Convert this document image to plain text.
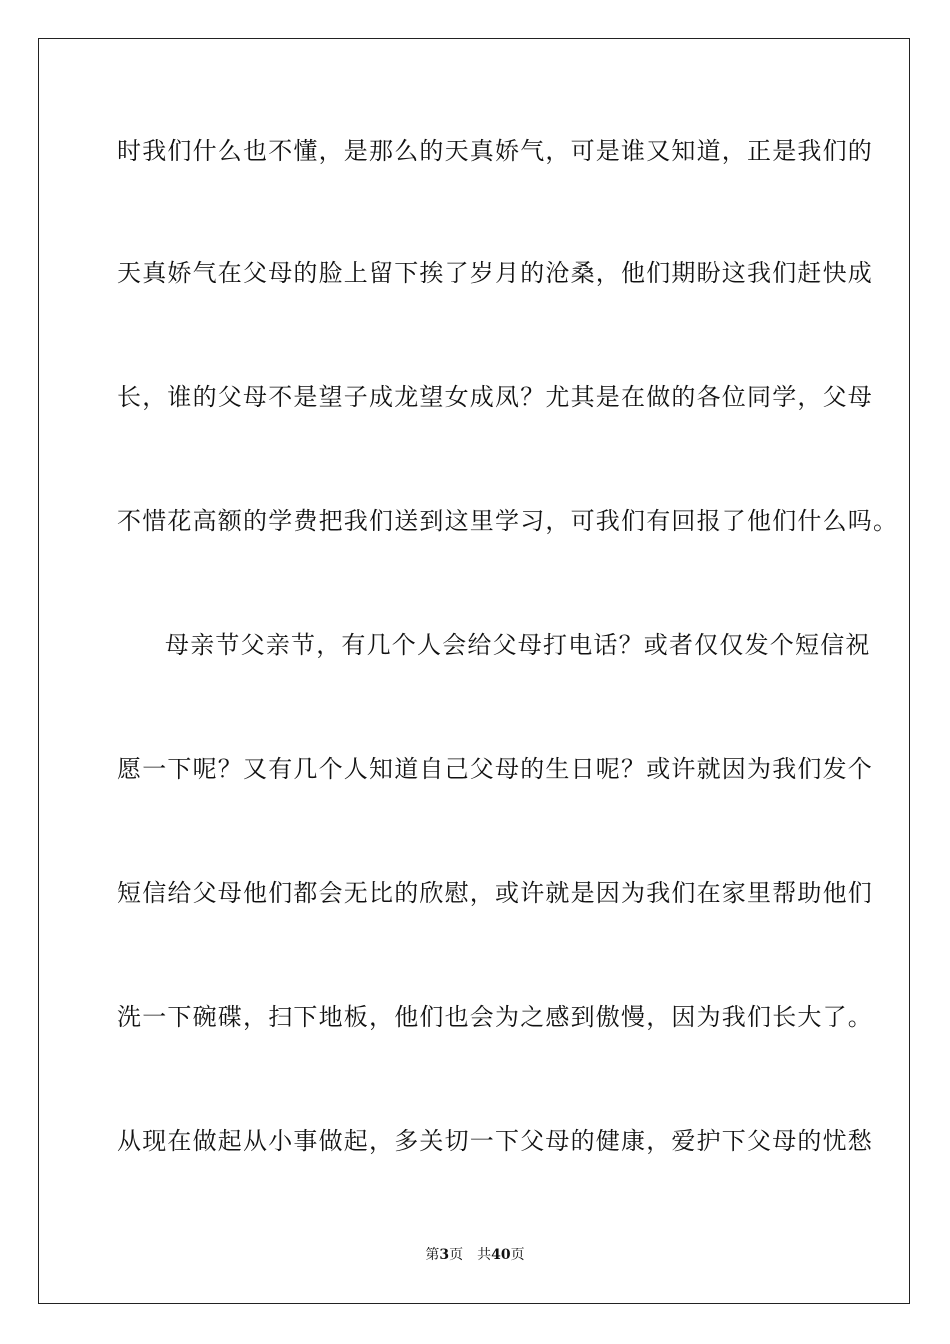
时我们什么也不懂，是那么的天真娇气，可是谁又知道，正是我们的
天真娇气在父母的脸上留下挨了岁月的沧桑，他们期盼这我们赶快成
长，谁的父母不是望子成龙望女成凤？尤其是在做的各位同学，父母
不惜花高额的学费把我们送到这里学习，可我们有回报了他们什么吗。
母亲节父亲节，有几个人会给父母打电话？或者仅仅发个短信祝
愿一下呢？又有几个人知道自己父母的生日呢？或许就因为我们发个
短信给父母他们都会无比的欣慰，或许就是因为我们在家里帮助他们
洗一下碗碟，扫下地板，他们也会为之感到傲慢，因为我们长大了。
从现在做起从小事做起，多关切一下父母的健康，爱护下父母的忧愁
第3页 共40页
